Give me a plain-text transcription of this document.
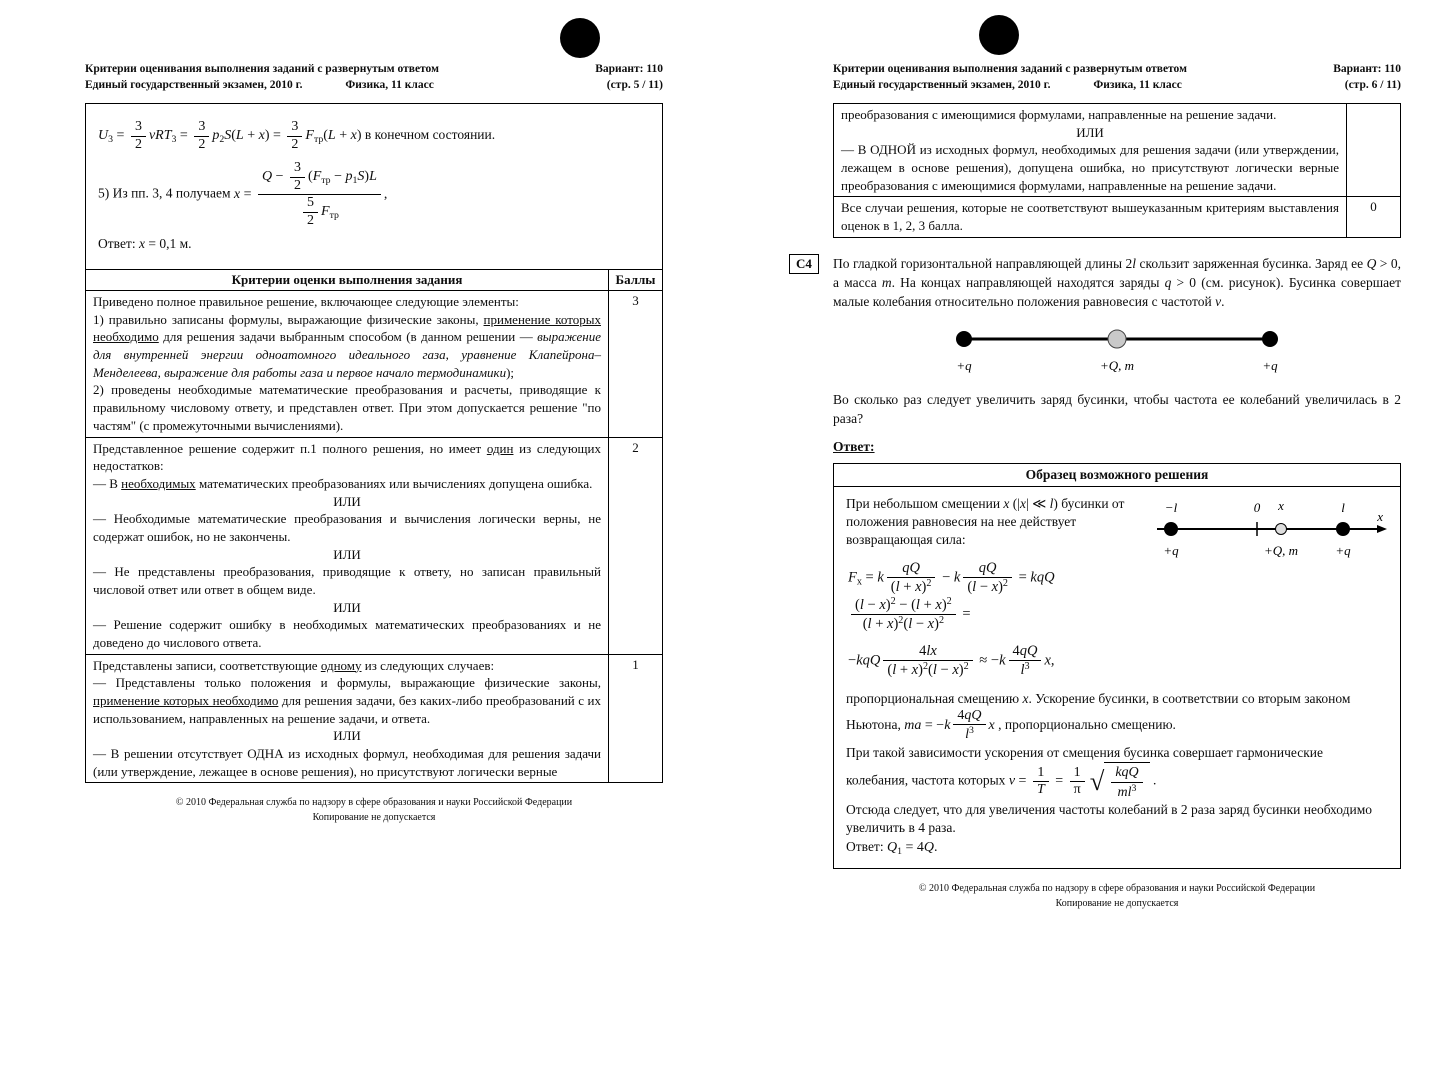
Критерии оценивания выполнения заданий с развернутым ответом
Единый государственный экзамен, 2010 г.	Физика, 11 класс
Вариант: 110
(стр. 5 / 11)
$U_3 = \frac{3}{2} \nu RT_3 = \frac{3}{2} p_2S(L + x) = \frac{3}{2} F_{тр}(L + x)$ в конечном состоянии.
5) Из пп. 3, 4 получаем $x = \frac{Q - \frac{3}{2} (F_{тр} - p_1S)L}{\frac{5}{2} F_{тр}}$ ,
Ответ: x = 0,1 м.
Критерии оценки выполнения задания	Баллы

Приведено полное правильное решение, включающее следующие элементы:
1) правильно записаны формулы, выражающие физические законы, применение которых необходимо для решения задачи выбранным способом (в данном решении — выражение для внутренней энергии одноатомного идеального газа, уравнение Клапейрона–Менделеева, выражение для работы газа и первое начало термодинамики);
2) проведены необходимые математические преобразования и расчеты, приводящие к правильному числовому ответу, и представлен ответ. При этом допускается решение "по частям" (с промежуточными вычислениями).	3

Представленное решение содержит п.1 полного решения, но имеет один из следующих недостатков:
— В необходимых математических преобразованиях или вычислениях допущена ошибка.
ИЛИ
— Необходимые математические преобразования и вычисления логически верны, не содержат ошибок, но не закончены.
ИЛИ
— Не представлены преобразования, приводящие к ответу, но записан правильный числовой ответ или ответ в общем виде.
ИЛИ
— Решение содержит ошибку в необходимых математических преобразованиях и не доведено до числового ответа.
	2

Представлены записи, соответствующие одному из следующих случаев:
— Представлены только положения и формулы, выражающие физические законы, применение которых необходимо для решения задачи, без каких-либо преобразований с их использованием, направленных на решение задачи, и ответа.
ИЛИ
— В решении отсутствует ОДНА из исходных формул, необходимая для решения задачи (или утверждение, лежащее в основе решения), но присутствуют логически верные	1
© 2010 Федеральная служба по надзору в сфере образования и науки Российской Федерации
Копирование не допускается
Критерии оценивания выполнения заданий с развернутым ответом
Единый государственный экзамен, 2010 г.	Физика, 11 класс
Вариант: 110
(стр. 6 / 11)
преобразования с имеющимися формулами, направленные на решение задачи.
ИЛИ
— В ОДНОЙ из исходных формул, необходимых для решения задачи (или утверждении, лежащем в основе решения), допущена ошибка, но присутствуют логически верные преобразования с имеющимися формулами, направленные на решение задачи.	

Все случаи решения, которые не соответствуют вышеуказанным критериям выставления оценок в 1, 2, 3 балла.	0
С4	По гладкой горизонтальной направляющей длины 2l скользит заряженная бусинка. Заряд ее Q > 0, а масса m. На концах направляющей находятся заряды q > 0 (см. рисунок). Бусинка совершает малые колебания относительно положения равновесия с частотой ν.
+q	+Q, m	+q
Во сколько раз следует увеличить заряд бусинки, чтобы частота ее колебаний увеличилась в 2 раза?
Ответ:
Образец возможного решения
−l	0 x	l
x
+q	+Q, m	+q
При небольшом смещении x (|x| ≪ l) бусинки от положения равновесия на нее действует возвращающая сила:
$F_x = k \frac{qQ}{(l + x)^2} - k \frac{qQ}{(l - x)^2}$ = kqQ
$\frac{(l - x)^2 - (l + x)^2}{(l + x)^2(l - x)^2}$ =
$-kqQ \frac{4lx}{(l + x)^2(l - x)^2} \approx -k \frac{4qQ}{l^3} x$,
пропорциональная смещению x. Ускорение бусинки, в соответствии со вторым законом Ньютона, ma = $-k \frac{4qQ}{l^3}$ x , пропорционально смещению.
При такой зависимости ускорения от смещения бусинка совершает гармонические колебания, частота которых $\nu = \frac{1}{T} = \frac{1}{\pi}$ √ $\frac{\text{kqQ}}{ml^3}$ .
Отсюда следует, что для увеличения частоты колебаний в 2 раза заряд бусинки необходимо увеличить в 4 раза.
Ответ: $Q_1 = 4Q$.
© 2010 Федеральная служба по надзору в сфере образования и науки Российской Федерации
Копирование не допускается
